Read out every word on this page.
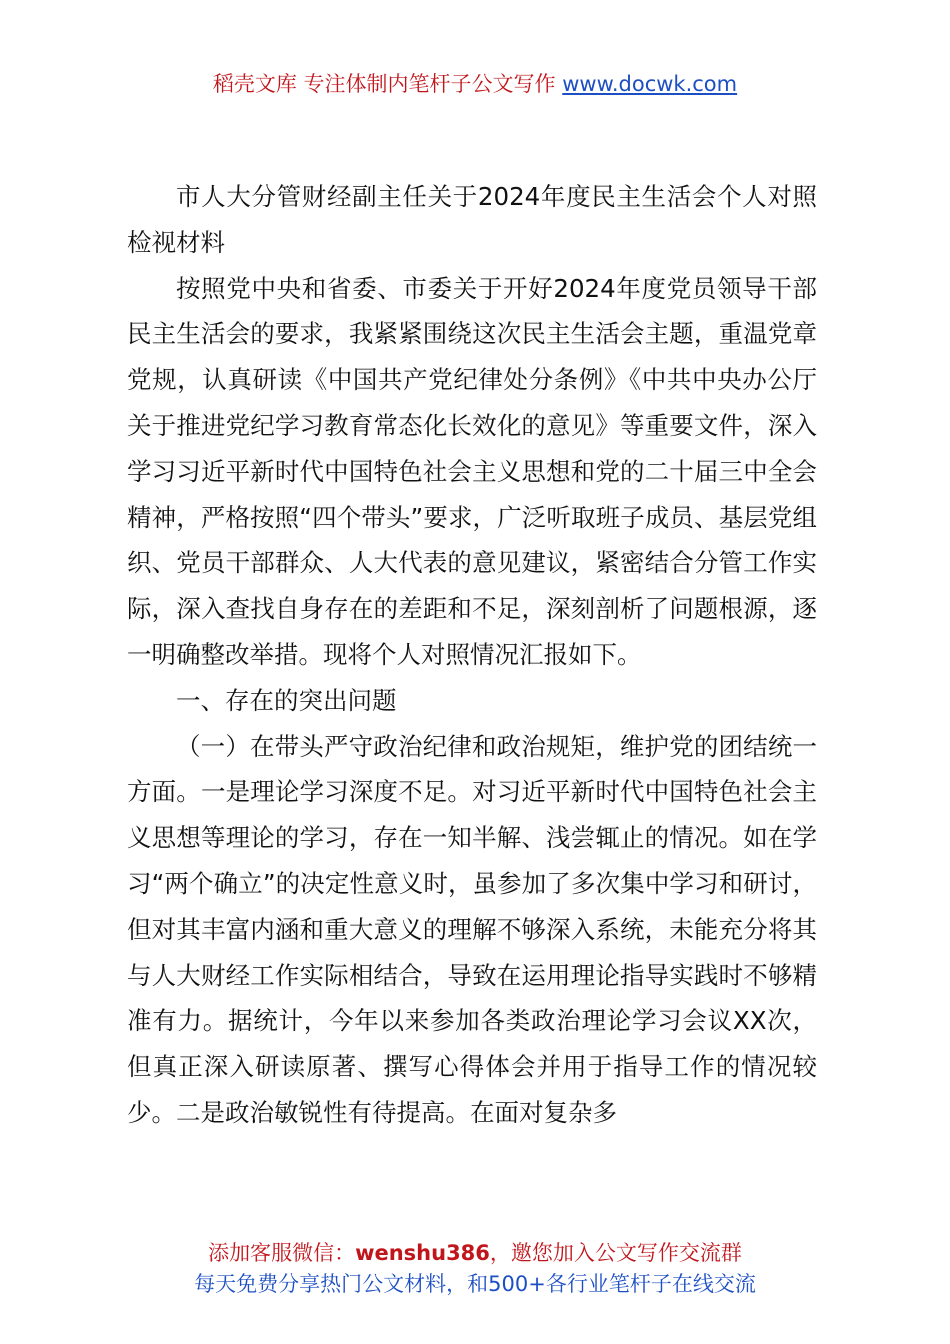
稻壳文库 专注体制内笔杆子公文写作 www.docwk.com

市人大分管财经副主任关于2024年度民主生活会个人对照检视材料

按照党中央和省委、市委关于开好2024年度党员领导干部民主生活会的要求，我紧紧围绕这次民主生活会主题，重温党章党规，认真研读《中国共产党纪律处分条例》《中共中央办公厅关于推进党纪学习教育常态化长效化的意见》等重要文件，深入学习习近平新时代中国特色社会主义思想和党的二十届三中全会精神，严格按照“四个带头”要求，广泛听取班子成员、基层党组织、党员干部群众、人大代表的意见建议，紧密结合分管工作实际，深入查找自身存在的差距和不足，深刻剖析了问题根源，逐一明确整改举措。现将个人对照情况汇报如下。

一、存在的突出问题

（一）在带头严守政治纪律和政治规矩，维护党的团结统一方面。一是理论学习深度不足。对习近平新时代中国特色社会主义思想等理论的学习，存在一知半解、浅尝辄止的情况。如在学习“两个确立”的决定性意义时，虽参加了多次集中学习和研讨，但对其丰富内涵和重大意义的理解不够深入系统，未能充分将其与人大财经工作实际相结合，导致在运用理论指导实践时不够精准有力。据统计，今年以来参加各类政治理论学习会议XX次，但真正深入研读原著、撰写心得体会并用于指导工作的情况较少。二是政治敏锐性有待提高。在面对复杂多

添加客服微信：wenshu386，邀您加入公文写作交流群
每天免费分享热门公文材料，和500+各行业笔杆子在线交流
